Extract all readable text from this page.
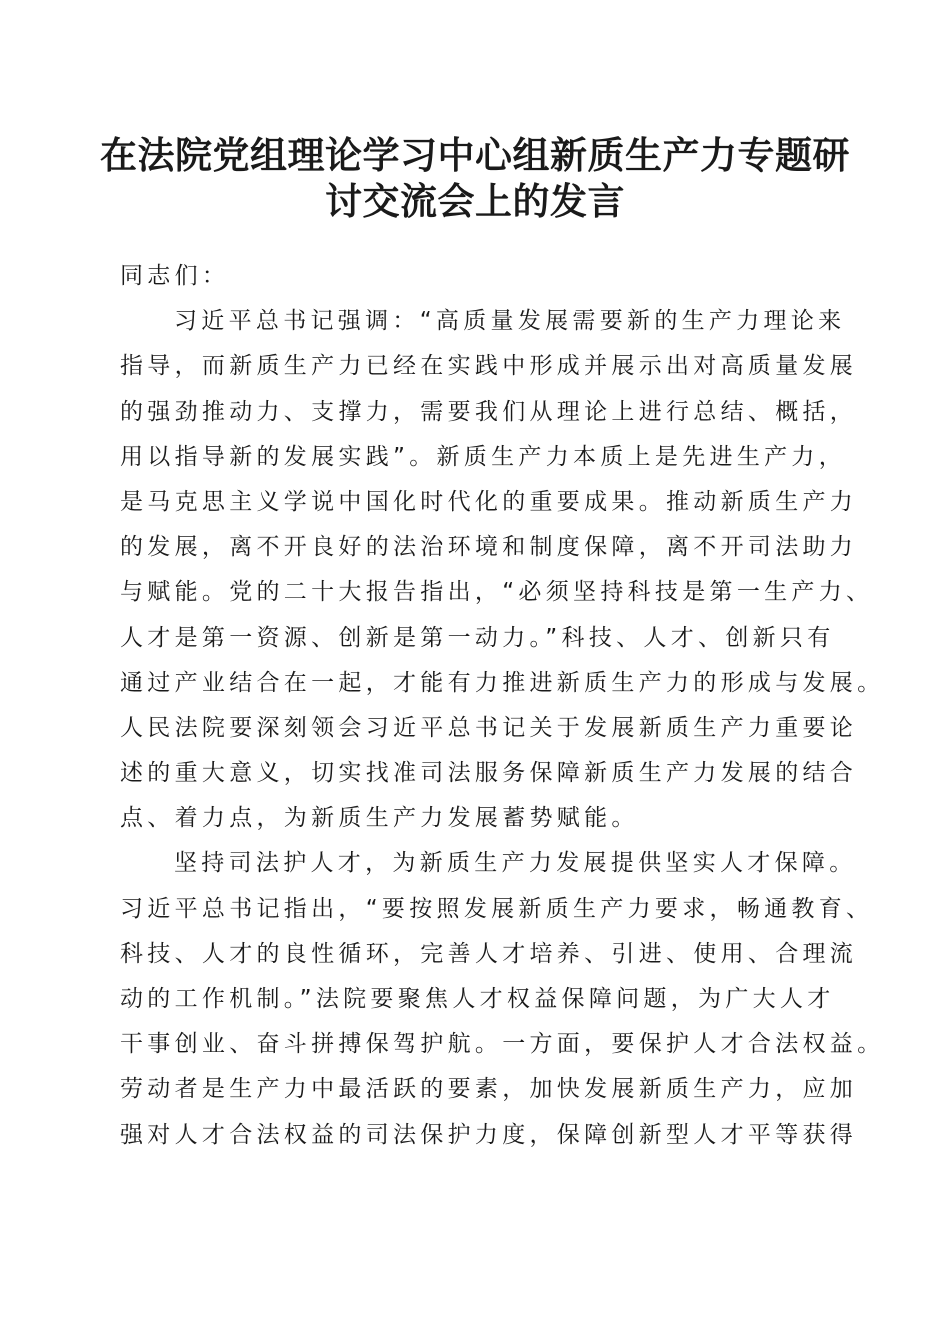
在法院党组理论学习中心组新质生产力专题研
讨交流会上的发言
同志们：
习近平总书记强调：“高质量发展需要新的生产力理论来
指导，而新质生产力已经在实践中形成并展示出对高质量发展
的强劲推动力、支撑力，需要我们从理论上进行总结、概括，
用以指导新的发展实践”。新质生产力本质上是先进生产力，
是马克思主义学说中国化时代化的重要成果。推动新质生产力
的发展，离不开良好的法治环境和制度保障，离不开司法助力
与赋能。党的二十大报告指出，“必须坚持科技是第一生产力、
人才是第一资源、创新是第一动力。”科技、人才、创新只有
通过产业结合在一起，才能有力推进新质生产力的形成与发展。
人民法院要深刻领会习近平总书记关于发展新质生产力重要论
述的重大意义，切实找准司法服务保障新质生产力发展的结合
点、着力点，为新质生产力发展蓄势赋能。
坚持司法护人才，为新质生产力发展提供坚实人才保障。
习近平总书记指出，“要按照发展新质生产力要求，畅通教育、
科技、人才的良性循环，完善人才培养、引进、使用、合理流
动的工作机制。”法院要聚焦人才权益保障问题，为广大人才
干事创业、奋斗拼搏保驾护航。一方面，要保护人才合法权益。
劳动者是生产力中最活跃的要素，加快发展新质生产力，应加
强对人才合法权益的司法保护力度，保障创新型人才平等获得
